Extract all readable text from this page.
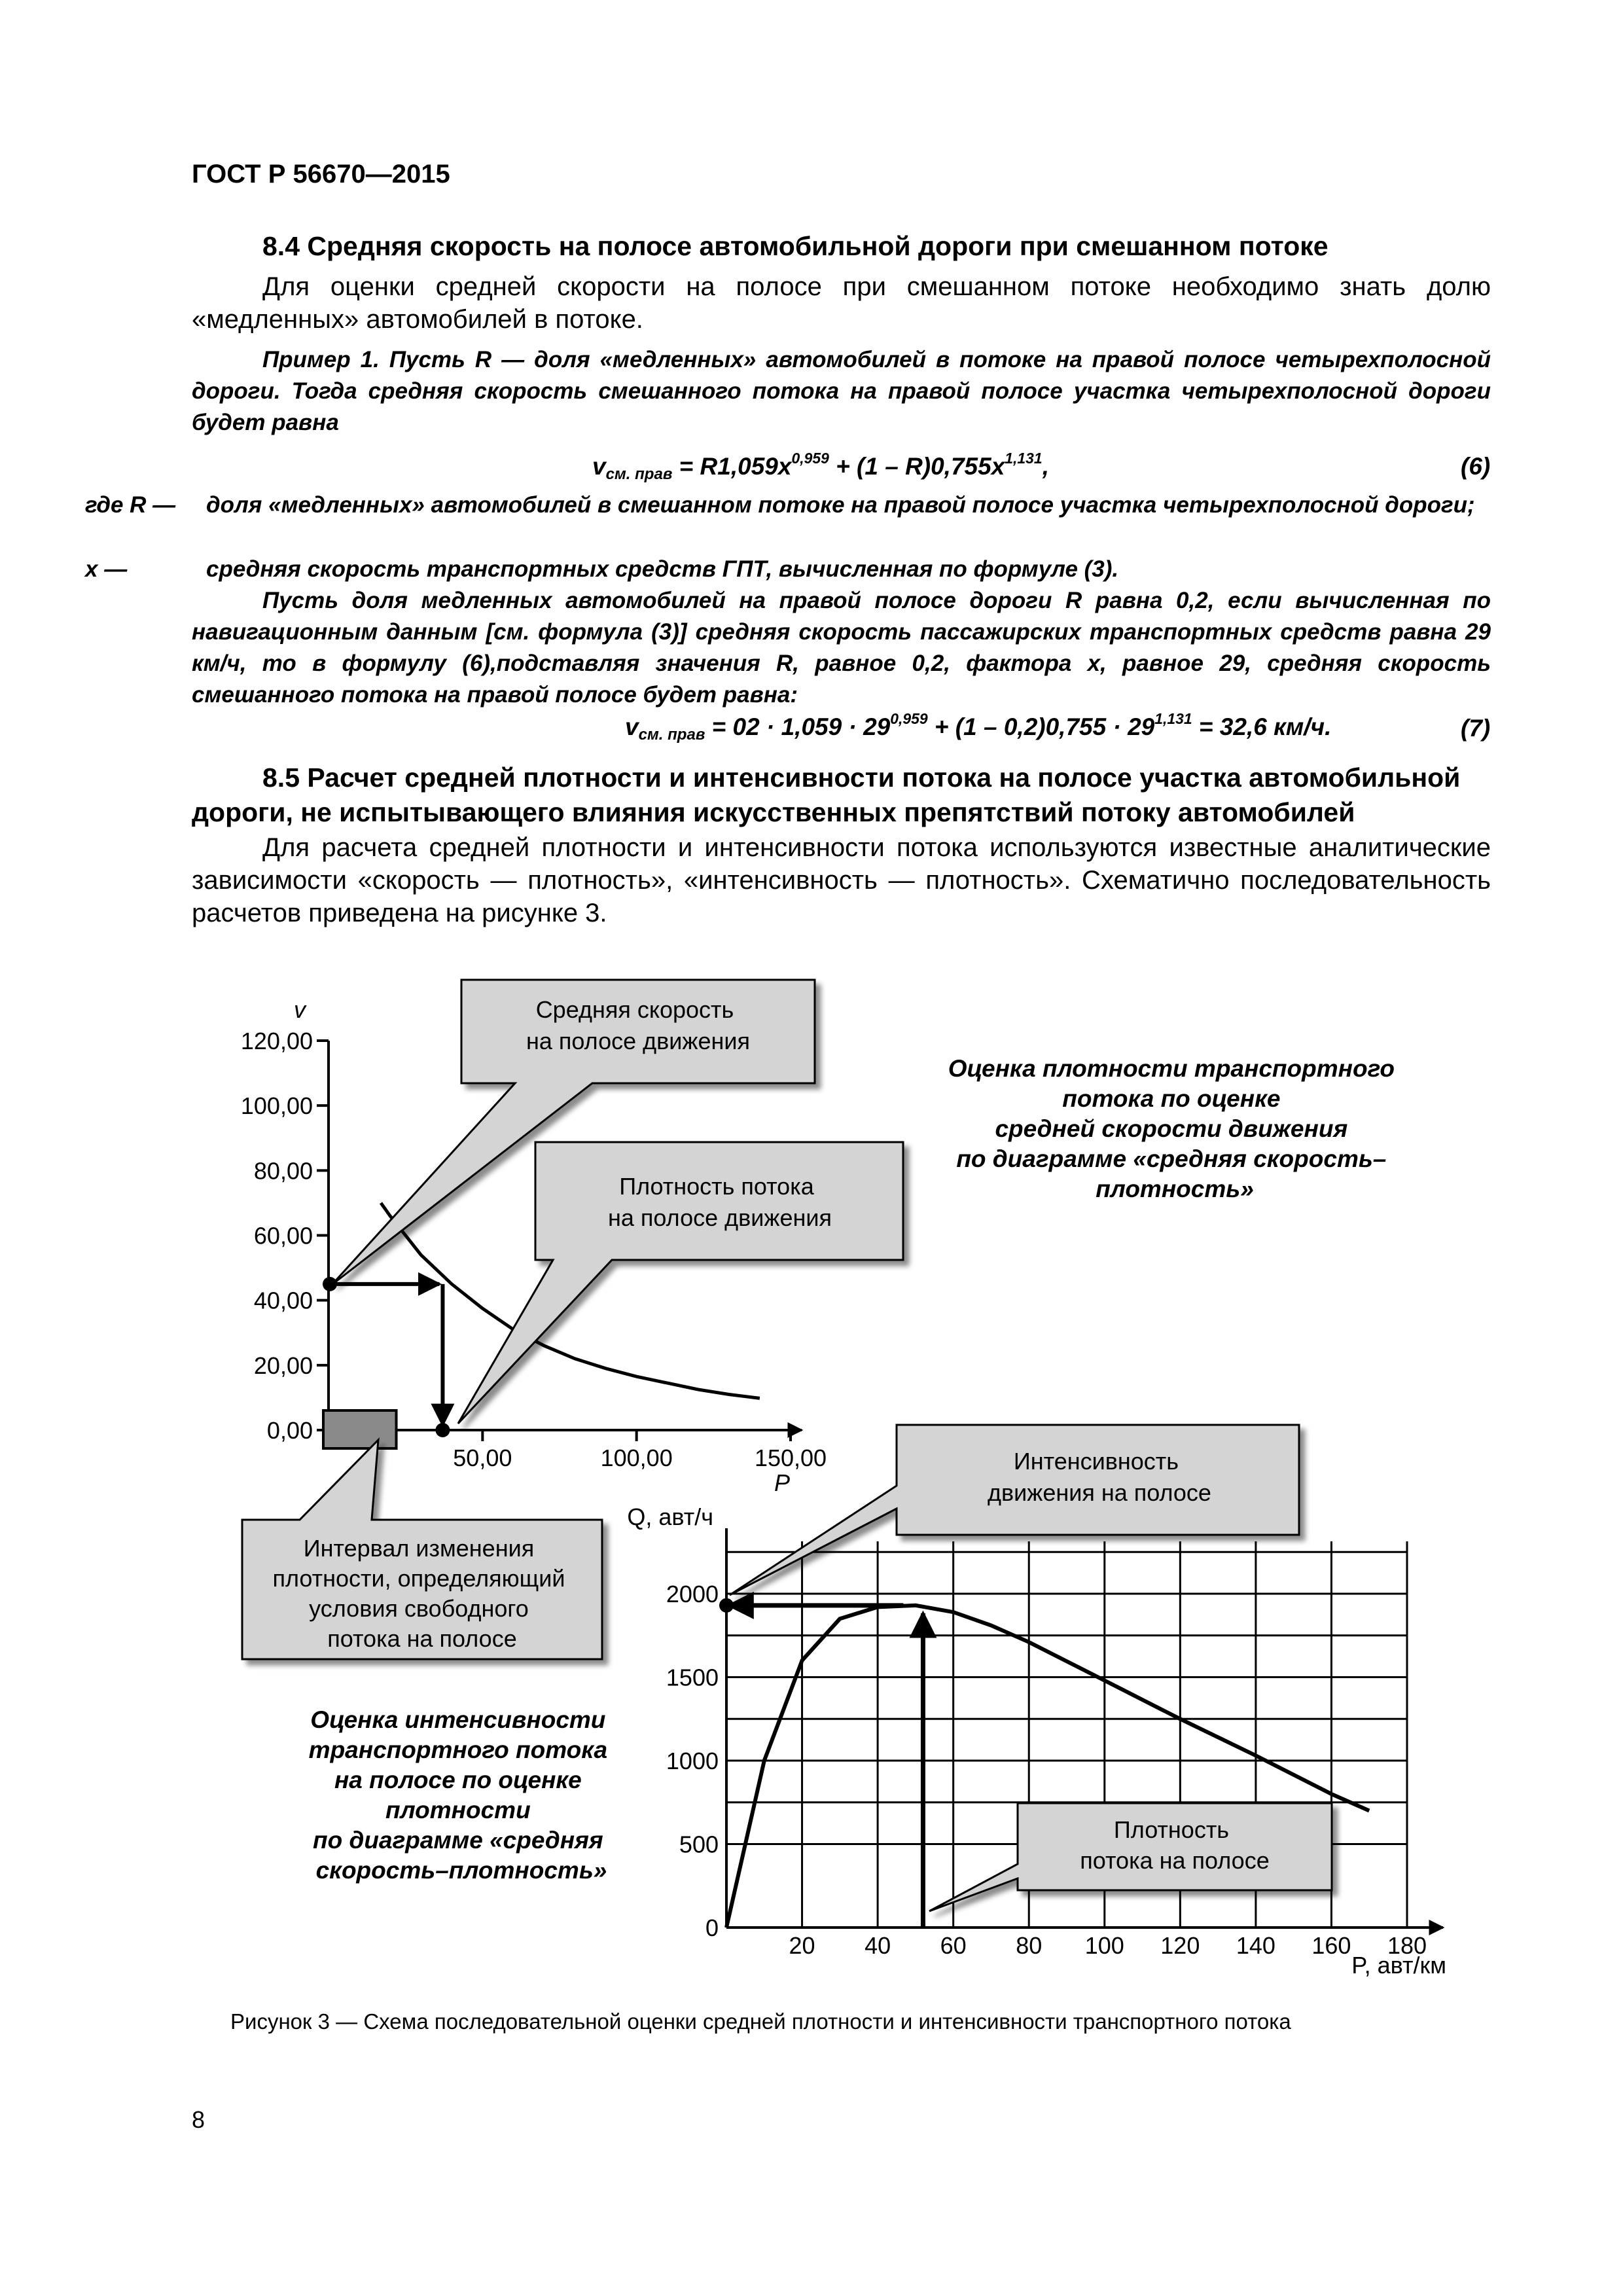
ГОСТ Р 56670—2015
8.4 Средняя скорость на полосе автомобильной дороги при смешанном потоке
Для оценки средней скорости на полосе при смешанном потоке необходимо знать долю «медленных» автомобилей в потоке.
Пример 1. Пусть R — доля «медленных» автомобилей в потоке на правой полосе четырехполосной дороги. Тогда средняя скорость смешанного потока на правой полосе участка четырехполосной дороги будет равна
$v_{см. прав} = R1,059x^{0,959} + (1 - R)0,755x^{1,131}$,	(6)
где R —	доля «медленных» автомобилей в смешанном потоке на правой полосе участка четырехполосной дороги;
x —	средняя скорость транспортных средств ГПТ, вычисленная по формуле (3).
Пусть доля медленных автомобилей на правой полосе дороги R равна 0,2, если вычисленная по навигационным данным [см. формула (3)] средняя скорость пассажирских транспортных средств равна 29 км/ч, то в формулу (6),подставляя значения R, равное 0,2, фактора x, равное 29, средняя скорость смешанного потока на правой полосе будет равна:
$v_{см. прав} = 02 \cdot 1,059 \cdot 29^{0,959} + (1 - 0,2)0,755 \cdot 29^{1,131} = 32,6$ км/ч.	(7)
8.5 Расчет средней плотности и интенсивности потока на полосе участка автомобильной дороги, не испытывающего влияния искусственных препятствий потоку автомобилей
Для расчета средней плотности и интенсивности потока используются известные аналитические зависимости «скорость — плотность», «интенсивность — плотность». Схематично последовательность расчетов приведена на рисунке 3.
0,00
20,00
40,00
60,00
80,00
100,00
120,00
50,00	100,00	150,00
v
P
0
500
1000
1500
2000
20 40 60 80 100 120 140 160 180
Q, авт/ч
P, авт/км
Средняя скорость на полосе движения
Плотность потока на полосе движения
Интервал изменения плотности, определяющий условия свободного потока на полосе
Интенсивность движения на полосе
Плотность потока на полосе
Оценка плотности транспортного потока по оценке средней скорости движения по диаграмме «средняя скорость– плотность»
Оценка интенсивности транспортного потока на полосе по оценке плотности по диаграмме «средняя скорость–плотность»
Рисунок 3 — Схема последовательной оценки средней плотности и интенсивности транспортного потока
8
